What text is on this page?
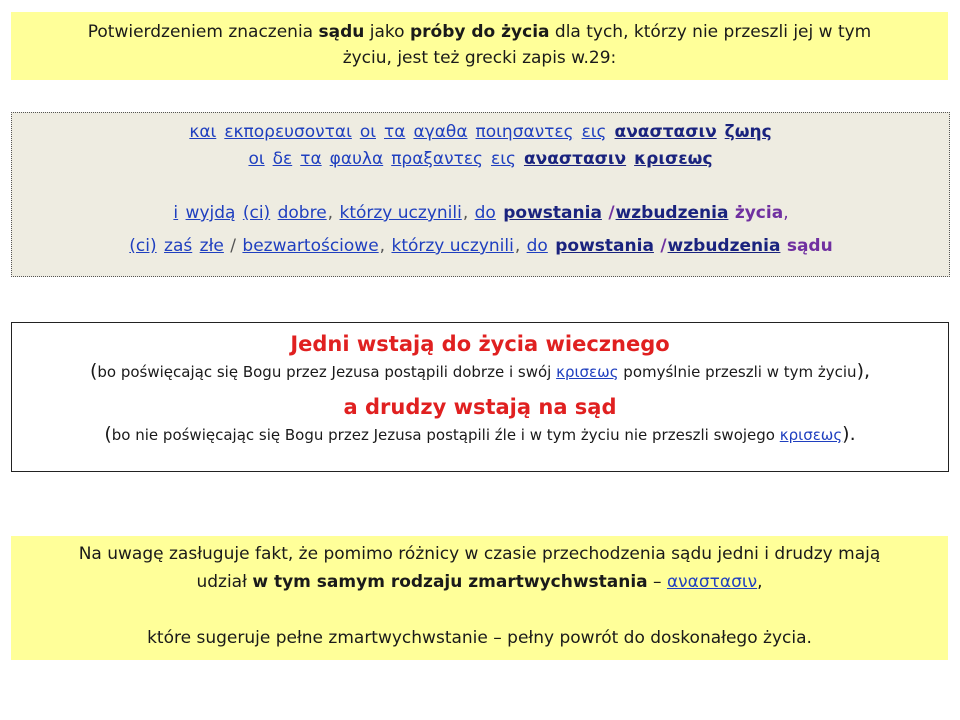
Potwierdzeniem znaczenia sądu jako próby do życia dla tych, którzy nie przeszli jej w tym
życiu, jest też grecki zapis w.29:
και εκπορευσονται οι τα αγαθα ποιησαντες εις αναστασιν ζωης
οι δε τα φαυλα πραξαντες εις αναστασιν κρισεως
i wyjdą (ci) dobre, którzy uczynili, do powstania /wzbudzenia życia,
(ci) zaś złe / bezwartościowe, którzy uczynili, do powstania /wzbudzenia sądu
Jedni wstają do życia wiecznego
(bo poświęcając się Bogu przez Jezusa postąpili dobrze i swój κρισεως pomyślnie przeszli w tym życiu),
a drudzy wstają na sąd
(bo nie poświęcając się Bogu przez Jezusa postąpili źle i w tym życiu nie przeszli swojego κρισεως).
Na uwagę zasługuje fakt, że pomimo różnicy w czasie przechodzenia sądu jedni i drudzy mają
udział w tym samym rodzaju zmartwychwstania – αναστασιν,
które sugeruje pełne zmartwychwstanie – pełny powrót do doskonałego życia.
